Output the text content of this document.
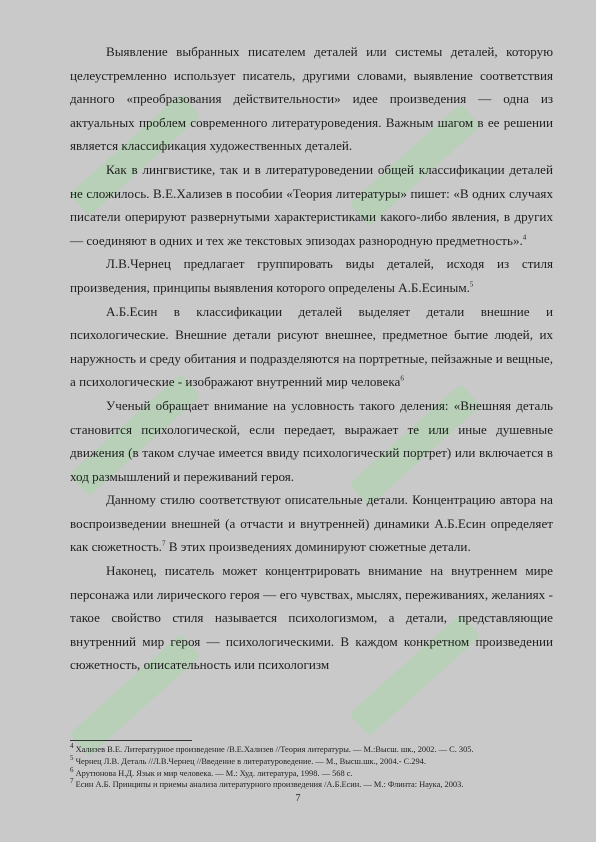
Выявление выбранных писателем деталей или системы деталей, которую целеустремленно использует писатель, другими словами, выявление соответствия данного «преобразования действительности» идее произведения — одна из актуальных проблем современного литературоведения. Важным шагом в ее решении является классификация художественных деталей.

Как в лингвистике, так и в литературоведении общей классификации деталей не сложилось. В.Е.Хализев в пособии «Теория литературы» пишет: «В одних случаях писатели оперируют развернутыми характеристиками какого-либо явления, в других — соединяют в одних и тех же текстовых эпизодах разнородную предметность».$^4$

Л.В.Чернец предлагает группировать виды деталей, исходя из стиля произведения, принципы выявления которого определены А.Б.Есиным.$^5$

А.Б.Есин в классификации деталей выделяет детали внешние и психологические. Внешние детали рисуют внешнее, предметное бытие людей, их наружность и среду обитания и подразделяются на портретные, пейзажные и вещные, а психологические - изображают внутренний мир человека$^6$

Ученый обращает внимание на условность такого деления: «Внешняя деталь становится психологической, если передает, выражает те или иные душевные движения (в таком случае имеется ввиду психологический портрет) или включается в ход размышлений и переживаний героя.

Данному стилю соответствуют описательные детали. Концентрацию автора на воспроизведении внешней (а отчасти и внутренней) динамики А.Б.Есин определяет как сюжетность.$^7$ В этих произведениях доминируют сюжетные детали.

Наконец, писатель может концентрировать внимание на внутреннем мире персонажа или лирического героя — его чувствах, мыслях, переживаниях, желаниях - такое свойство стиля называется психологизмом, а детали, представляющие внутренний мир героя — психологическими. В каждом конкретном произведении сюжетность, описательность или психологизм

$^4$ Хализев В.Е. Литературное произведение /В.Е.Хализев //Теория литературы. — М.:Высш. шк., 2002. — С. 305.
$^5$ Чернец Л.В. Деталь //Л.В.Чернец //Введение в литературоведение. — М., Высш.шк., 2004.- С.294.
$^6$ Арутюнова Н.Д. Язык и мир человека. — М.: Худ. литература, 1998. — 568 с.
$^7$ Есин А.Б. Принципы и приемы анализа литературного произведения /А.Б.Есин. — М.: Флинта: Наука, 2003.
7
